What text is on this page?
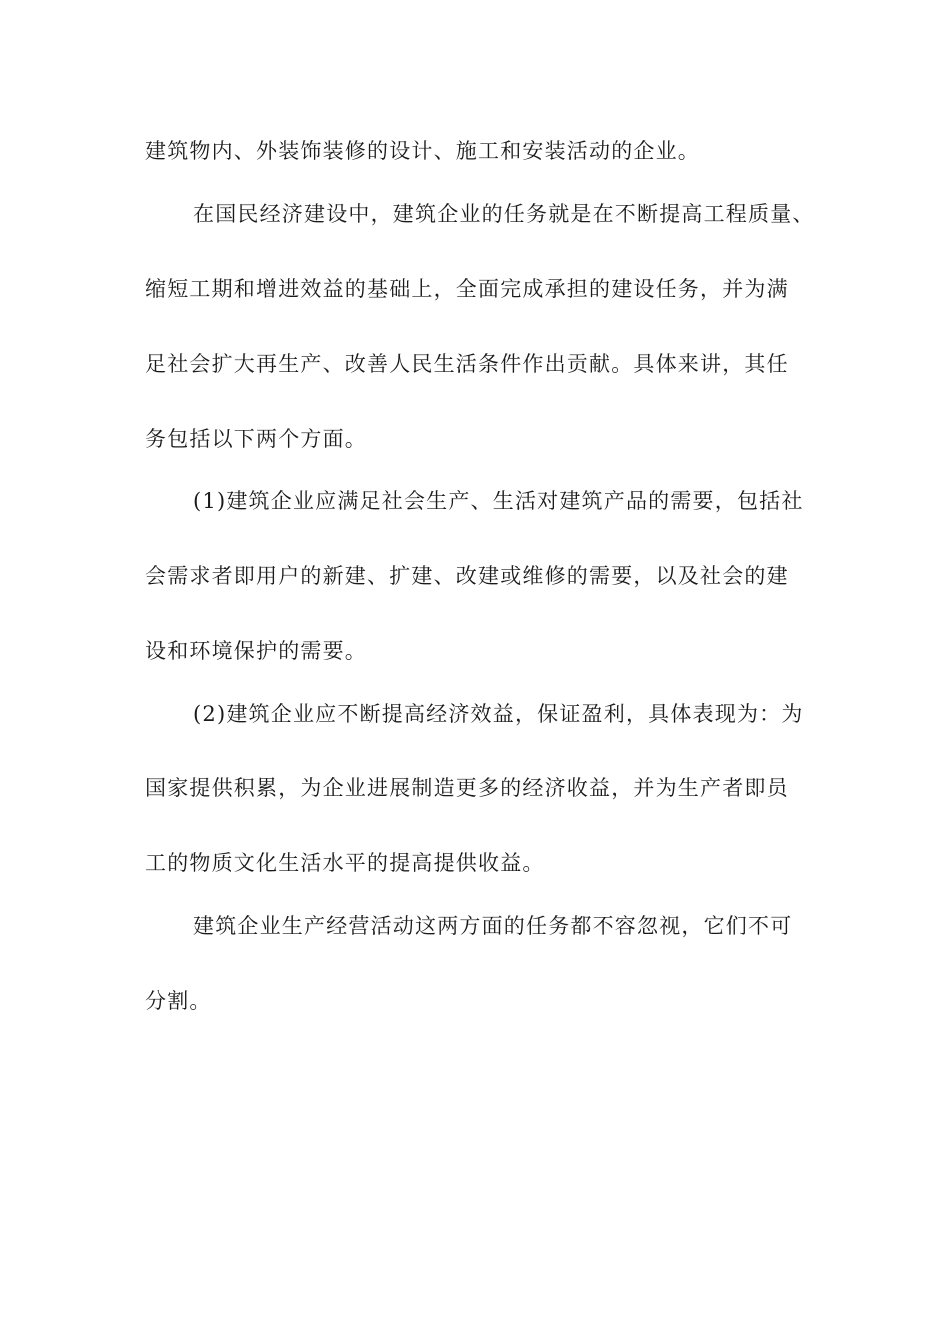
建筑物内、外装饰装修的设计、施工和安装活动的企业。
在国民经济建设中，建筑企业的任务就是在不断提高工程质量、
缩短工期和增进效益的基础上，全面完成承担的建设任务，并为满
足社会扩大再生产、改善人民生活条件作出贡献。具体来讲，其任
务包括以下两个方面。
(1)建筑企业应满足社会生产、生活对建筑产品的需要，包括社
会需求者即用户的新建、扩建、改建或维修的需要，以及社会的建
设和环境保护的需要。
(2)建筑企业应不断提高经济效益，保证盈利，具体表现为：为
国家提供积累，为企业进展制造更多的经济收益，并为生产者即员
工的物质文化生活水平的提高提供收益。
建筑企业生产经营活动这两方面的任务都不容忽视，它们不可
分割。
